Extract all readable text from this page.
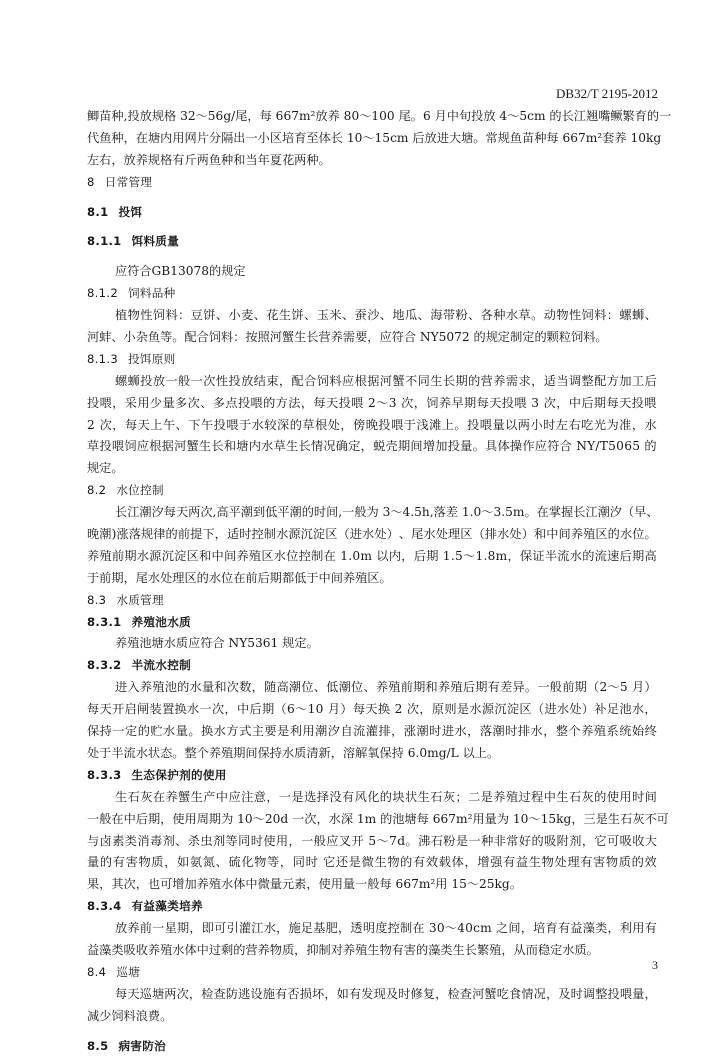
DB32/T 2195-2012
鲫 苗 种 , 投 放 规 格
3 2 ～ 5 6 g / 尾 ， 每
6 6 7 m ² 放 养
8 0 ～ 1 0 0
尾 。 6
月 中 旬 投 放
4 ～ 5 c m
的 长 江 翘 嘴 鳜 繁 育 的 一
代 鱼 种 ， 在 塘 内 用 网 片 分 隔 出 一 小 区 培 育 至 体 长
1 0 ～ 1 5 c m
后 放 进 大 塘 。 常 规 鱼 苗 种 每
6 6 7 m ² 套 养
1 0 k g
左右，放养规格有斤两鱼种和当年夏花两种。
8 日常管理
8.1 投饵
8.1.1 饵料质量
应符合GB13078的规定
8.1.2 饲料品种
植 物 性 饲 料 ： 豆 饼 、 小 麦 、 花 生 饼 、 玉 米 、 蚕 沙 、 地 瓜 、 海 带 粉 、 各 种 水 草 。 动 物 性 饲 料 ： 螺 蛳 、
河蚌、小杂鱼等。配合饲料：按照河蟹生长营养需要，应符合 NY5072 的规定制定的颗粒饲料。
8.1.3 投饵原则
螺 蛳 投 放 一 般 一 次 性 投 放 结 束 ， 配 合 饲 料 应 根 据 河 蟹 不 同 生 长 期 的 营 养 需 求 ， 适 当 调 整 配 方 加 工 后
投 喂 ， 采 用 少 量 多 次 、 多 点 投 喂 的 方 法 ， 每 天 投 喂
2 ～ 3
次 ， 饲 养 早 期 每 天 投 喂
3
次 ， 中 后 期 每 天 投 喂
2
次 ， 每 天 上 午 、 下 午 投 喂 于 水 较 深 的 草 根 处 ， 傍 晚 投 喂 于 浅 滩 上 。 投 喂 量 以 两 小 时 左 右 吃 光 为 准 ， 水
草 投 喂 饲 应 根 据 河 蟹 生 长 和 塘 内 水 草 生 长 情 况 确 定 ， 蜕 壳 期 间 增 加 投 量 。 具 体 操 作 应 符 合
N Y / T 5 0 6 5
的
规定。
8.2 水位控制
长 江 潮 汐 每 天 两 次 , 高 平 潮 到 低 平 潮 的 时 间 , 一 般 为
3 ～ 4 . 5 h , 落 差
1 . 0 ～ 3 . 5 m 。 在 掌 握 长 江 潮 汐 （ 早 、
晚 潮 ) 涨 落 规 律 的 前 提 下 ， 适 时 控 制 水 源 沉 淀 区 （ 进 水 处 ） 、 尾 水 处 理 区 （ 排 水 处 ） 和 中 间 养 殖 区 的 水 位 。
养 殖 前 期 水 源 沉 淀 区 和 中 间 养 殖 区 水 位 控 制 在
1 . 0 m
以 内 ， 后 期
1 . 5 ～ 1 . 8 m ， 保 证 半 流 水 的 流 速 后 期 高
于前期，尾水处理区的水位在前后期都低于中间养殖区。
8.3 水质管理
8.3.1 养殖池水质
养殖池塘水质应符合 NY5361 规定。
8.3.2 半流水控制
进 入 养 殖 池 的 水 量 和 次 数 ， 随 高 潮 位 、 低 潮 位 、 养 殖 前 期 和 养 殖 后 期 有 差 异 。 一 般 前 期 （ 2 ～ 5
月 ）
每 天 开 启 闸 装 置 换 水 一 次 ， 中 后 期 （ 6 ～ 1 0
月 ） 每 天 换
2
次 ， 原 则 是 水 源 沉 淀 区 （ 进 水 处 ） 补 足 池 水 ，
保 持 一 定 的 贮 水 量 。 换 水 方 式 主 要 是 利 用 潮 汐 自 流 灌 排 ， 涨 潮 时 进 水 ， 落 潮 时 排 水 ， 整 个 养 殖 系 统 始 终
处于半流水状态。整个养殖期间保持水质清新，溶解氧保持 6.0mg/L 以上。
8.3.3 生态保护剂的使用
生 石 灰 在 养 蟹 生 产 中 应 注 意 ， 一 是 选 择 没 有 风 化 的 块 状 生 石 灰 ； 二 是 养 殖 过 程 中 生 石 灰 的 使 用 时 间
一 般 在 中 后 期 ， 使 用 周 期 为
1 0 ～ 2 0 d
一 次 ， 水 深
1 m
的 池 塘 每
6 6 7 m ² 用 量 为
1 0 ～ 1 5 k g ， 三 是 生 石 灰 不 可
与 卤 素 类 消 毒 剂 、 杀 虫 剂 等 同 时 使 用 ， 一 般 应 叉 开
5 ～ 7 d 。 沸 石 粉 是 一 种 非 常 好 的 吸 附 剂 ， 它 可 吸 收 大
量 的 有 害 物 质 ， 如 氨 氮 、 硫 化 物 等 ， 同 时
它 还 是 微 生 物 的 有 效 载 体 ， 增 强 有 益 生 物 处 理 有 害 物 质 的 效
果，其次，也可增加养殖水体中微量元素，使用量一般每 667m²用 15～25kg。
8.3.4 有益藻类培养
放 养 前 一 星 期 ， 即 可 引 灌 江 水 ， 施 足 基 肥 ， 透 明 度 控 制 在
3 0 ～ 4 0 c m
之 间 ， 培 育 有 益 藻 类 ， 利 用 有
益藻类吸收养殖水体中过剩的营养物质，抑制对养殖生物有害的藻类生长繁殖，从而稳定水质。
8.4 巡塘
每 天 巡 塘 两 次 ， 检 查 防 逃 设 施 有 否 损 坏 ， 如 有 发 现 及 时 修 复 ， 检 查 河 蟹 吃 食 情 况 ， 及 时 调 整 投 喂 量 ，
减少饲料浪费。
8.5 病害防治
3
